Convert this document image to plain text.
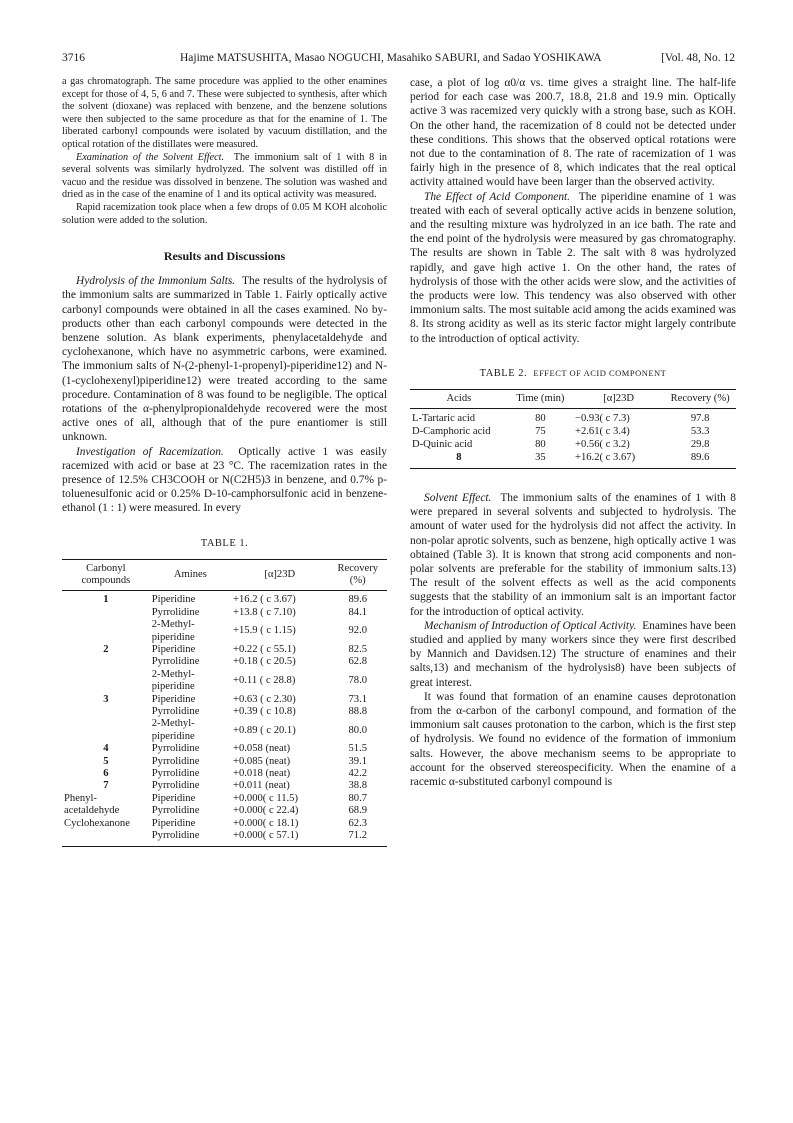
3716	Hajime MATSUSHITA, Masao NOGUCHI, Masahiko SABURI, and Sadao YOSHIKAWA	[Vol. 48, No. 12

a gas chromatograph. The same procedure was applied to the other enamines except for those of 4, 5, 6 and 7. These were subjected to synthesis, after which the solvent (dioxane) was replaced with benzene, and the benzene solutions were then subjected to the same procedure as that for the enamine of 1. The liberated carbonyl compounds were isolated by vacuum distillation, and the optical rotation of the distillates were measured.

Examination of the Solvent Effect. The immonium salt of 1 with 8 in several solvents was similarly hydrolyzed. The solvent was distilled off in vacuo and the residue was dissolved in benzene. The solution was washed and dried as in the case of the enamine of 1 and its optical activity was measured.

Rapid racemization took place when a few drops of 0.05 M KOH alcoholic solution were added to the solution.

Results and Discussions

Hydrolysis of the Immonium Salts. The results of the hydrolysis of the immonium salts are summarized in Table 1. Fairly optically active carbonyl compounds were obtained in all the cases examined. No by-products other than each carbonyl compounds were detected in the benzene solution. As blank experiments, phenylacetaldehyde and cyclohexanone, which have no asymmetric carbons, were examined. The immonium salts of N-(2-phenyl-1-propenyl)-piperidine12) and N-(1-cyclohexenyl)piperidine12) were treated according to the same procedure. Contamination of 8 was found to be negligible. The optical rotations of the α-phenylpropionaldehyde recovered were the most active ones of all, although that of the pure enantiomer is still unknown.

Investigation of Racemization. Optically active 1 was easily racemized with acid or base at 23 °C. The racemization rates in the presence of 12.5% CH3COOH or N(C2H5)3 in benzene, and 0.7% p-toluenesulfonic acid or 0.25% D-10-camphorsulfonic acid in benzene-ethanol (1 : 1) were measured. In every

TABLE 1.
Carbonyl compounds	Amines	[α]23D	Recovery (%)
1	Piperidine	+16.2 ( c 3.67)	89.6
	Pyrrolidine	+13.8 ( c 7.10)	84.1
	2-Methyl-piperidine	+15.9 ( c 1.15)	92.0
2	Piperidine	+0.22 ( c 55.1)	82.5
	Pyrrolidine	+0.18 ( c 20.5)	62.8
	2-Methyl-piperidine	+0.11 ( c 28.8)	78.0
3	Piperidine	+0.63 ( c 2.30)	73.1
	Pyrrolidine	+0.39 ( c 10.8)	88.8
	2-Methyl-piperidine	+0.89 ( c 20.1)	80.0
4	Pyrrolidine	+0.058 (neat)	51.5
5	Pyrrolidine	+0.085 (neat)	39.1
6	Pyrrolidine	+0.018 (neat)	42.2
7	Pyrrolidine	+0.011 (neat)	38.8
Phenyl-	Piperidine	+0.000( c 11.5)	80.7
acetaldehyde	Pyrrolidine	+0.000( c 22.4)	68.9
Cyclohexanone	Piperidine	+0.000( c 18.1)	62.3
	Pyrrolidine	+0.000( c 57.1)	71.2

case, a plot of log α0/α vs. time gives a straight line. The half-life period for each case was 200.7, 18.8, 21.8 and 19.9 min. Optically active 3 was racemized very quickly with a strong base, such as KOH. On the other hand, the racemization of 8 could not be detected under these conditions. This shows that the observed optical rotations were not due to the contamination of 8. The rate of racemization of 1 was fairly high in the presence of 8, which indicates that the real optical activity attained would have been larger than the observed activity.

The Effect of Acid Component. The piperidine enamine of 1 was treated with each of several optically active acids in benzene solution, and the resulting mixture was hydrolyzed in an ice bath. The rate and the end point of the hydrolysis were measured by gas chromatography. The results are shown in Table 2. The salt with 8 was hydrolyzed rapidly, and gave high active 1. On the other hand, the rates of hydrolysis of those with the other acids were slow, and the activities of the products were low. This tendency was also observed with other immonium salts. The most suitable acid among the acids examined was 8. Its strong acidity as well as its steric factor might largely contribute to the introduction of optical activity.

TABLE 2. EFFECT OF ACID COMPONENT
Acids	Time (min)	[α]23D	Recovery (%)
L-Tartaric acid	80	−0.93( c 7.3)	97.8
D-Camphoric acid	75	+2.61( c 3.4)	53.3
D-Quinic acid	80	+0.56( c 3.2)	29.8
8	35	+16.2( c 3.67)	89.6

Solvent Effect. The immonium salts of the enamines of 1 with 8 were prepared in several solvents and subjected to hydrolysis. The amount of water used for the hydrolysis did not affect the activity. In non-polar aprotic solvents, such as benzene, high optically active 1 was obtained (Table 3). It is known that strong acid components and non-polar solvents are preferable for the stability of immonium salts.13) The result of the solvent effects as well as the acid components suggests that the stability of an immonium salt is an important factor for the introduction of optical activity.

Mechanism of Introduction of Optical Activity. Enamines have been studied and applied by many workers since they were first described by Mannich and Davidsen.12) The structure of enamines and their salts,13) and mechanism of the hydrolysis8) have been subjects of great interest.

It was found that formation of an enamine causes deprotonation from the α-carbon of the carbonyl compound, and formation of the immonium salt causes protonation to the carbon, which is the first step of hydrolysis. We found no evidence of the formation of immonium salts. However, the above mechanism seems to be appropriate to account for the observed stereospecificity. When the enamine of a racemic α-substituted carbonyl compound is
